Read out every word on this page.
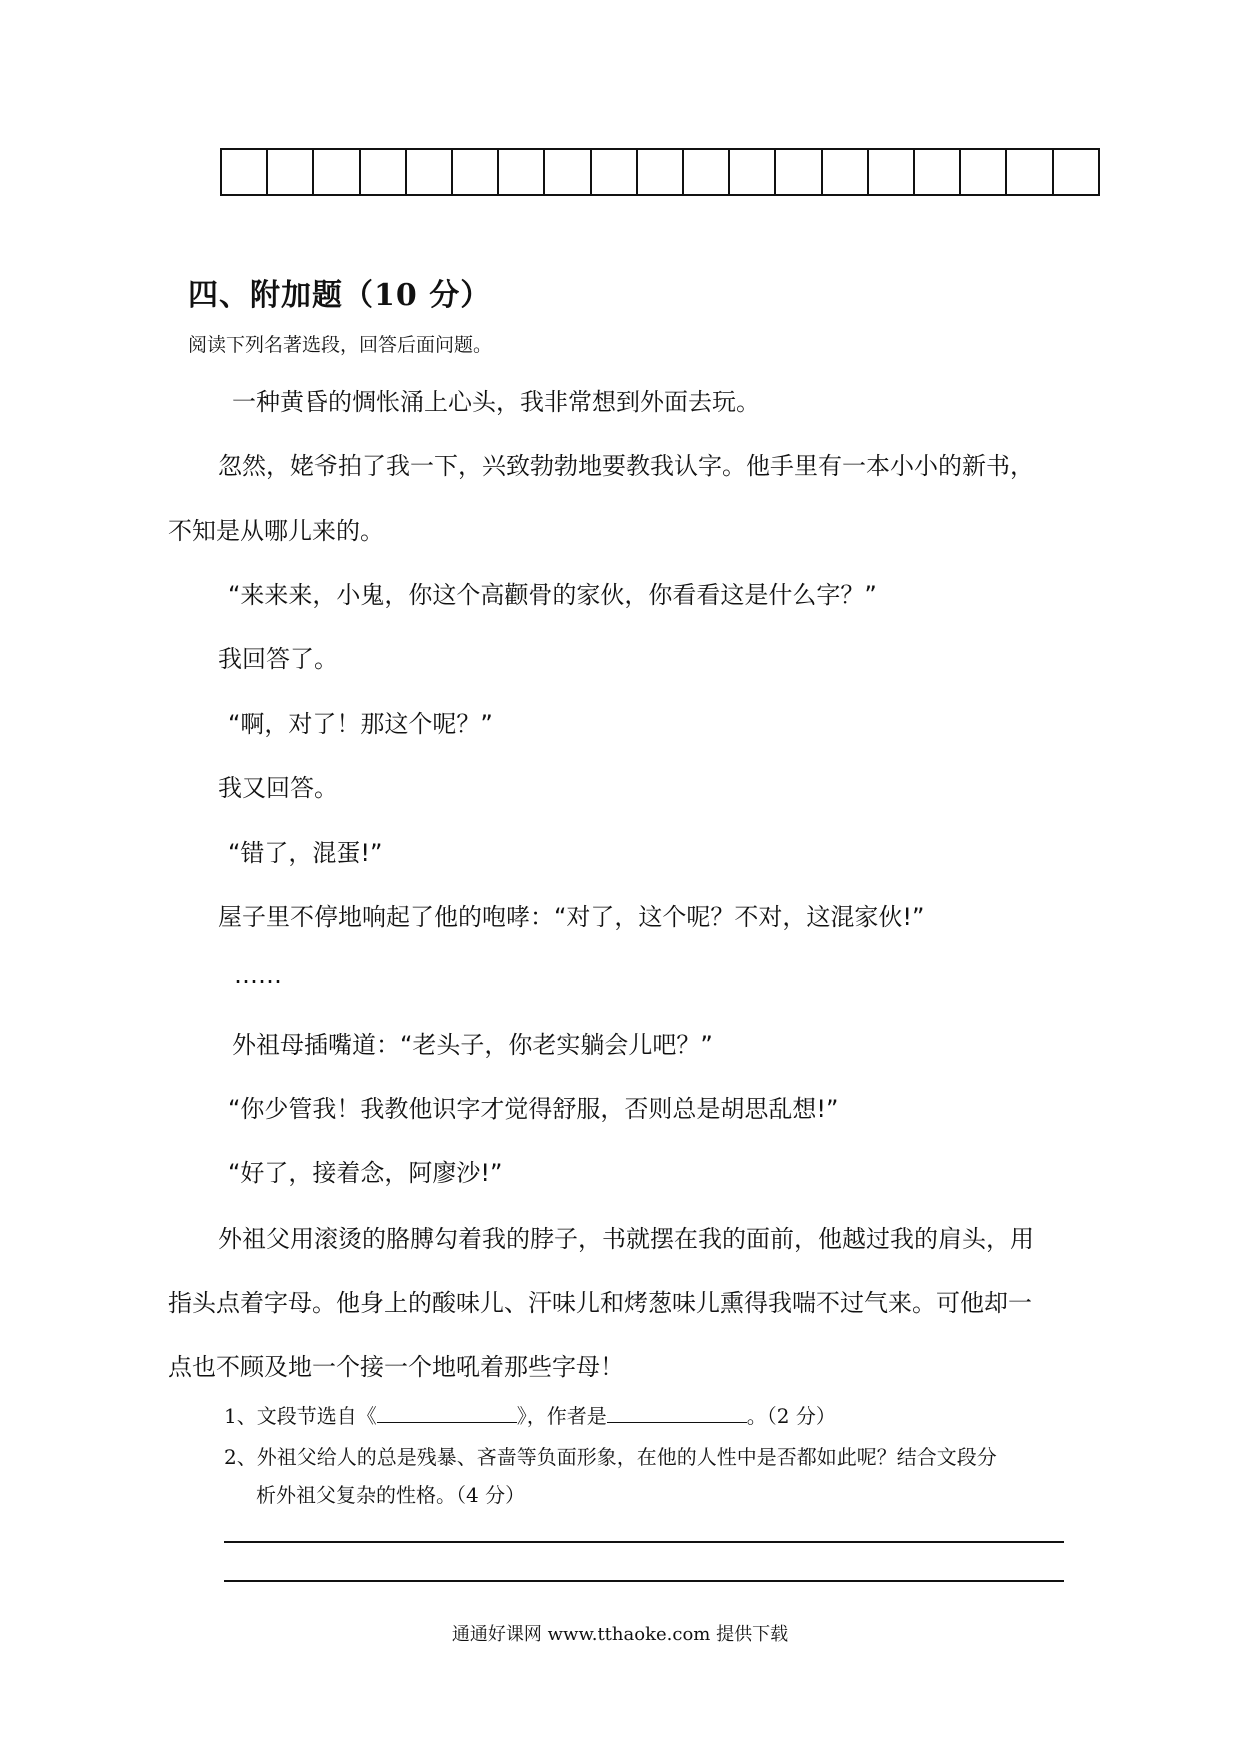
四、附加题（10 分）
阅读下列名著选段，回答后面问题。
一种黄昏的惆怅涌上心头，我非常想到外面去玩。
忽然，姥爷拍了我一下，兴致勃勃地要教我认字。他手里有一本小小的新书，
不知是从哪儿来的。
“来来来，小鬼，你这个高颧骨的家伙，你看看这是什么字？”
我回答了。
“啊，对了！那这个呢？”
我又回答。
“错了，混蛋!”
屋子里不停地响起了他的咆哮：“对了，这个呢？不对，这混家伙!”
……
外祖母插嘴道：“老头子，你老实躺会儿吧？”
“你少管我！我教他识字才觉得舒服，否则总是胡思乱想!”
“好了，接着念，阿廖沙!”
外祖父用滚烫的胳膊勾着我的脖子，书就摆在我的面前，他越过我的肩头，用
指头点着字母。他身上的酸味儿、汗味儿和烤葱味儿熏得我喘不过气来。可他却一
点也不顾及地一个接一个地吼着那些字母！
1、文段节选自《	》，作者是	。（2 分）
2、外祖父给人的总是残暴、吝啬等负面形象，在他的人性中是否都如此呢？结合文段分
析外祖父复杂的性格。（4 分）
通通好课网 www.tthaoke.com 提供下载
